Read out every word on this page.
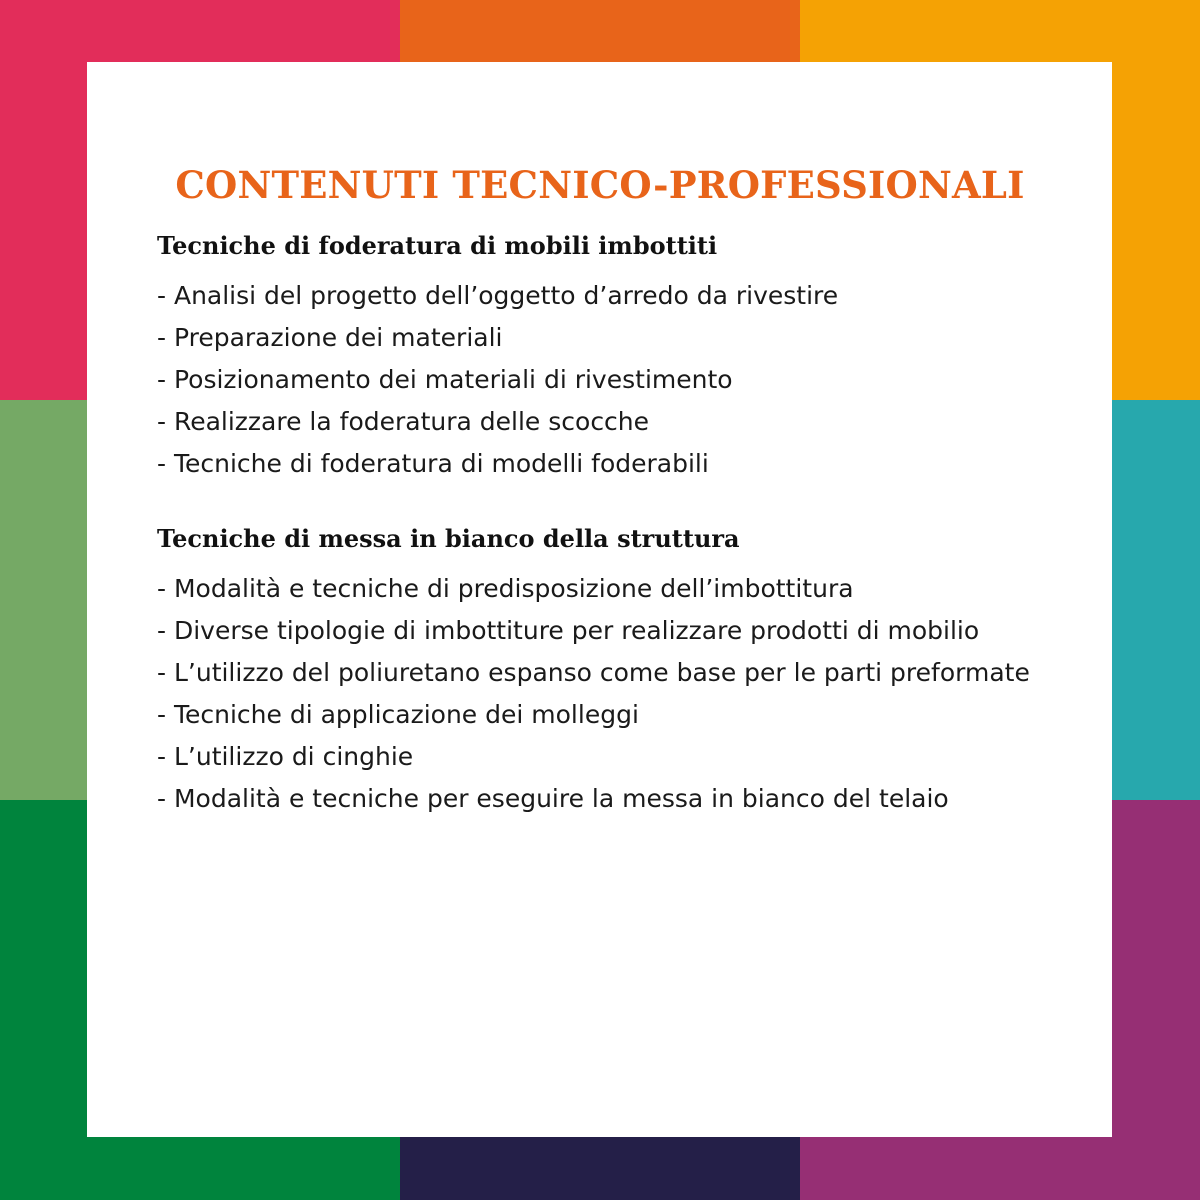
CONTENUTI TECNICO-PROFESSIONALI
Tecniche di foderatura di mobili imbottiti
- Analisi del progetto dell’oggetto d’arredo da rivestire
- Preparazione dei materiali
- Posizionamento dei materiali di rivestimento
- Realizzare la foderatura delle scocche
- Tecniche di foderatura di modelli foderabili
Tecniche di messa in bianco della struttura
- Modalità e tecniche di predisposizione dell’imbottitura
- Diverse tipologie di imbottiture per realizzare prodotti di mobilio
- L’utilizzo del poliuretano espanso come base per le parti preformate
- Tecniche di applicazione dei molleggi
- L’utilizzo di cinghie
- Modalità e tecniche per eseguire la messa in bianco del telaio
